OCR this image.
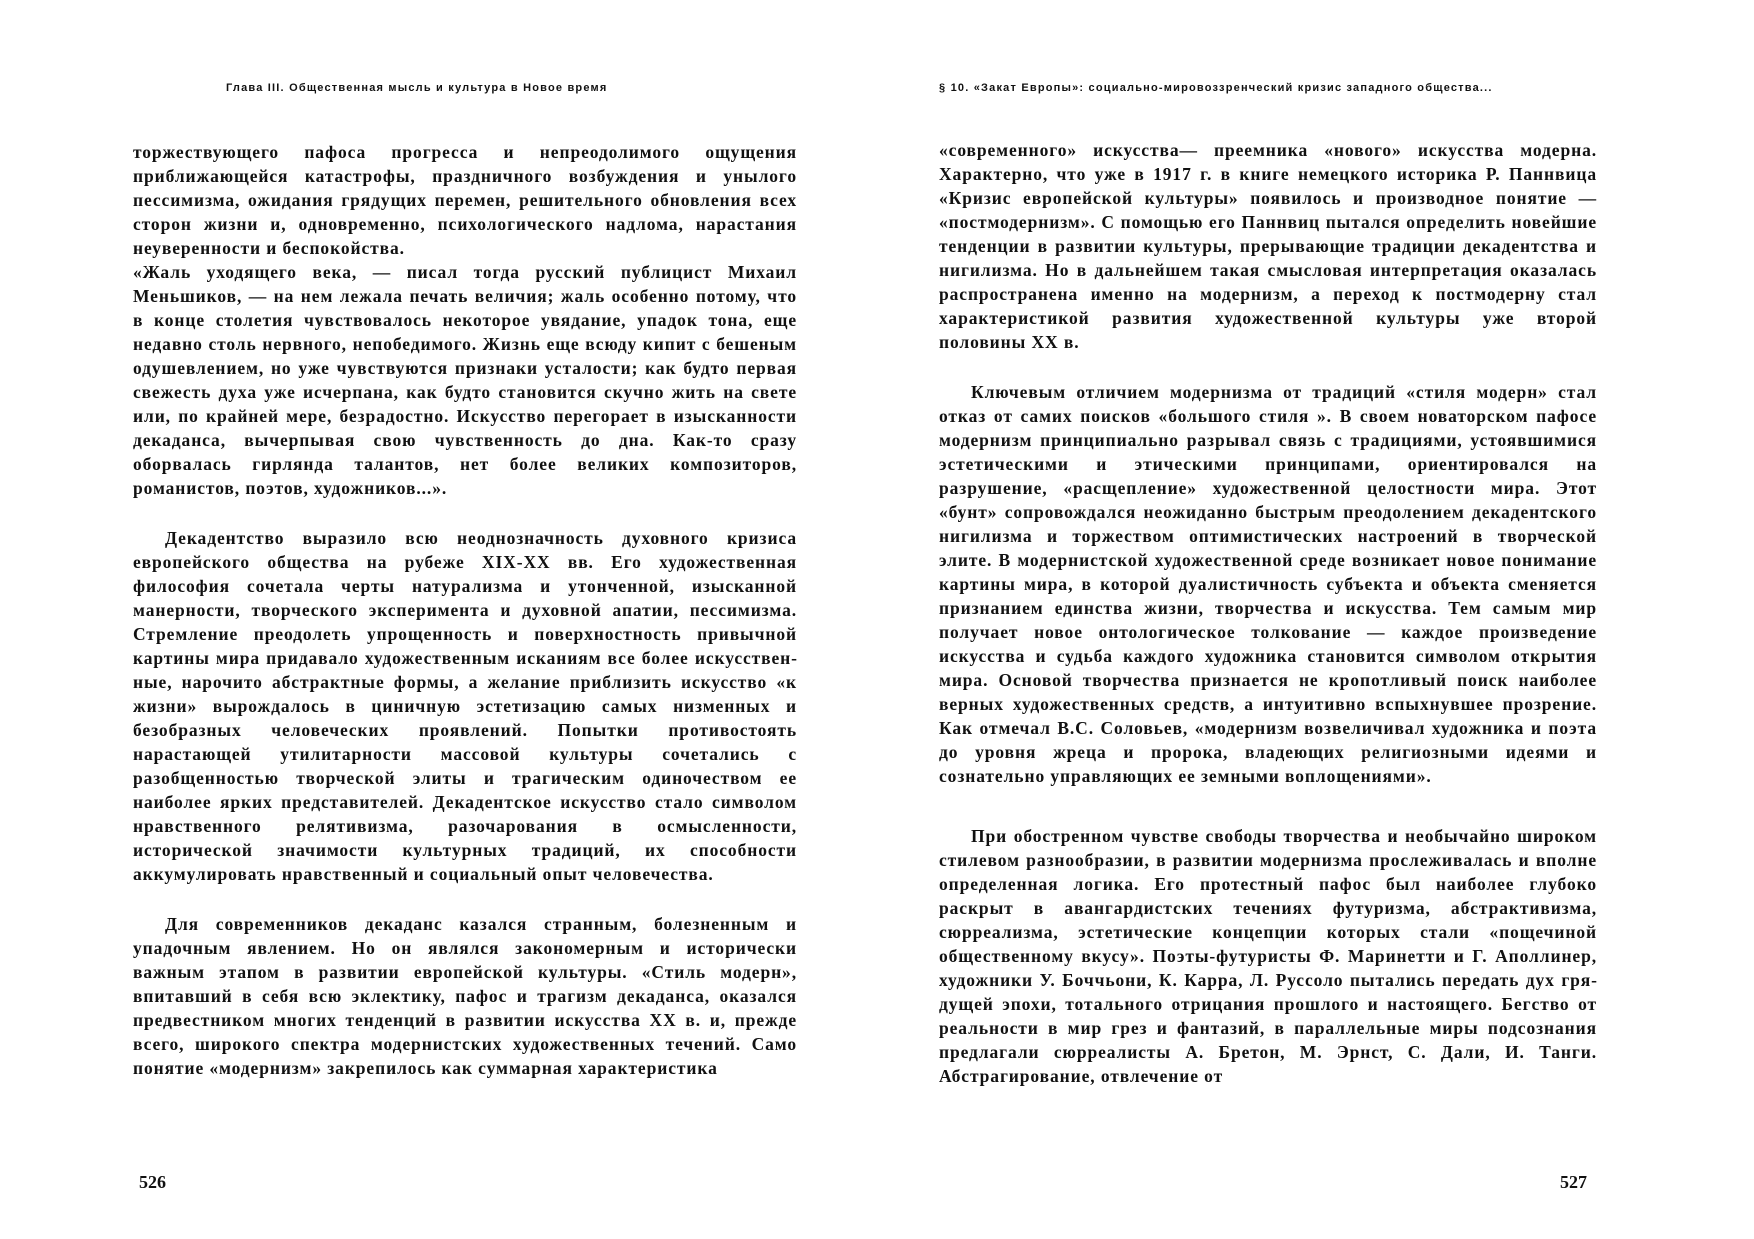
Глава III. Общественная мысль и культура в Новое время

торжествующего пафоса прогресса и непреодолимого ощущения приближающейся катастрофы, праздничного возбуждения и унылого пессимизма, ожидания грядущих перемен, решительного обновления всех сторон жизни и, одновременно, психологического надлома, нарастания неуверенности и беспокойства.

«Жаль уходящего века, — писал тогда русский публицист Михаил Меньшиков, — на нем лежала печать величия; жаль особенно потому, что в конце столетия чувствовалось некоторое увядание, упадок тона, еще недавно столь нервного, непобедимого. Жизнь еще всюду кипит с бешеным одушевлением, но уже чувствуются признаки усталости; как будто первая свежесть духа уже исчерпана, как будто становится скучно жить на свете или, по крайней мере, безрадостно. Искусство перегорает в изысканности декаданса, вычерпывая свою чувственность до дна. Как-то сразу оборвалась гирлянда талантов, нет более великих композиторов, романистов, поэтов, художников...».

Декадентство выразило всю неоднозначность духовного кризиса европейского общества на рубеже XIX-XX вв. Его художественная философия сочетала черты натурализма и утонченной, изысканной манерности, творческого эксперимента и духовной апатии, пессимизма. Стремление преодолеть упрощенность и поверхностность привычной картины мира придавало художественным исканиям все более искусственные, нарочито абстрактные формы, а желание приблизить искусство «к жизни» вырождалось в циничную эстетизацию самых низменных и безобразных человеческих проявлений. Попытки противостоять нарастающей утилитарности массовой культуры сочетались с разобщенностью творческой элиты и трагическим одиночеством ее наиболее ярких представителей. Декадентское искусство стало символом нравственного релятивизма, разочарования в осмысленности, исторической значимости культурных традиций, их способности аккумулировать нравственный и социальный опыт человечества.

Для современников декаданс казался странным, болезненным и упадочным явлением. Но он являлся закономерным и исторически важным этапом в развитии европейской культуры. «Стиль модерн», впитавший в себя всю эклектику, пафос и трагизм декаданса, оказался предвестником многих тенденций в развитии искусства XX в. и, прежде всего, широкого спектра модернистских художественных течений. Само понятие «модернизм» закрепилось как суммарная характеристика

526
§ 10. «Закат Европы»: социально-мировоззренческий кризис западного общества...

«современного» искусства— преемника «нового» искусства модерна. Характерно, что уже в 1917 г. в книге немецкого историка Р. Паннвица «Кризис европейской культуры» появилось и производное понятие — «постмодернизм». С помощью его Паннвиц пытался определить новейшие тенденции в развитии культуры, прерывающие традиции декадентства и нигилизма. Но в дальнейшем такая смысловая интерпретация оказалась распространена именно на модернизм, а переход к постмодерну стал характеристикой развития художественной культуры уже второй половины XX в.

Ключевым отличием модернизма от традиций «стиля модерн» стал отказ от самих поисков «большого стиля ». В своем новаторском пафосе модернизм принципиально разрывал связь с традициями, устоявшимися эстетическими и этическими принципами, ориентировался на разрушение, «расщепление» художественной целостности мира. Этот «бунт» сопровождался неожиданно быстрым преодолением декадентского нигилизма и торжеством оптимистических настроений в творческой элите. В модернистской художественной среде возникает новое понимание картины мира, в которой дуалистичность субъекта и объекта сменяется признанием единства жизни, творчества и искусства. Тем самым мир получает новое онтологическое толкование — каждое произведение искусства и судьба каждого художника становится символом открытия мира. Основой творчества признается не кропотливый поиск наиболее верных художественных средств, а интуитивно вспыхнувшее прозрение. Как отмечал B.C. Соловьев, «модернизм возвеличивал художника и поэта до уровня жреца и пророка, владеющих религиозными идеями и сознательно управляющих ее земными воплощениями».

При обостренном чувстве свободы творчества и необычайно широком стилевом разнообразии, в развитии модернизма прослеживалась и вполне определенная логика. Его протестный пафос был наиболее глубоко раскрыт в авангардистских течениях футуризма, абстрактивизма, сюрреализма, эстетические концепции которых стали «пощечиной общественному вкусу». Поэты-футуристы Ф. Маринетти и Г. Аполлинер, художники У. Боччьони, К. Карра, Л. Руссоло пытались передать дух грядущей эпохи, тотального отрицания прошлого и настоящего. Бегство от реальности в мир грез и фантазий, в параллельные миры подсознания предлагали сюрреалисты А. Бретон, М. Эрнст, С. Дали, И. Танги. Абстрагирование, отвлечение от

527
